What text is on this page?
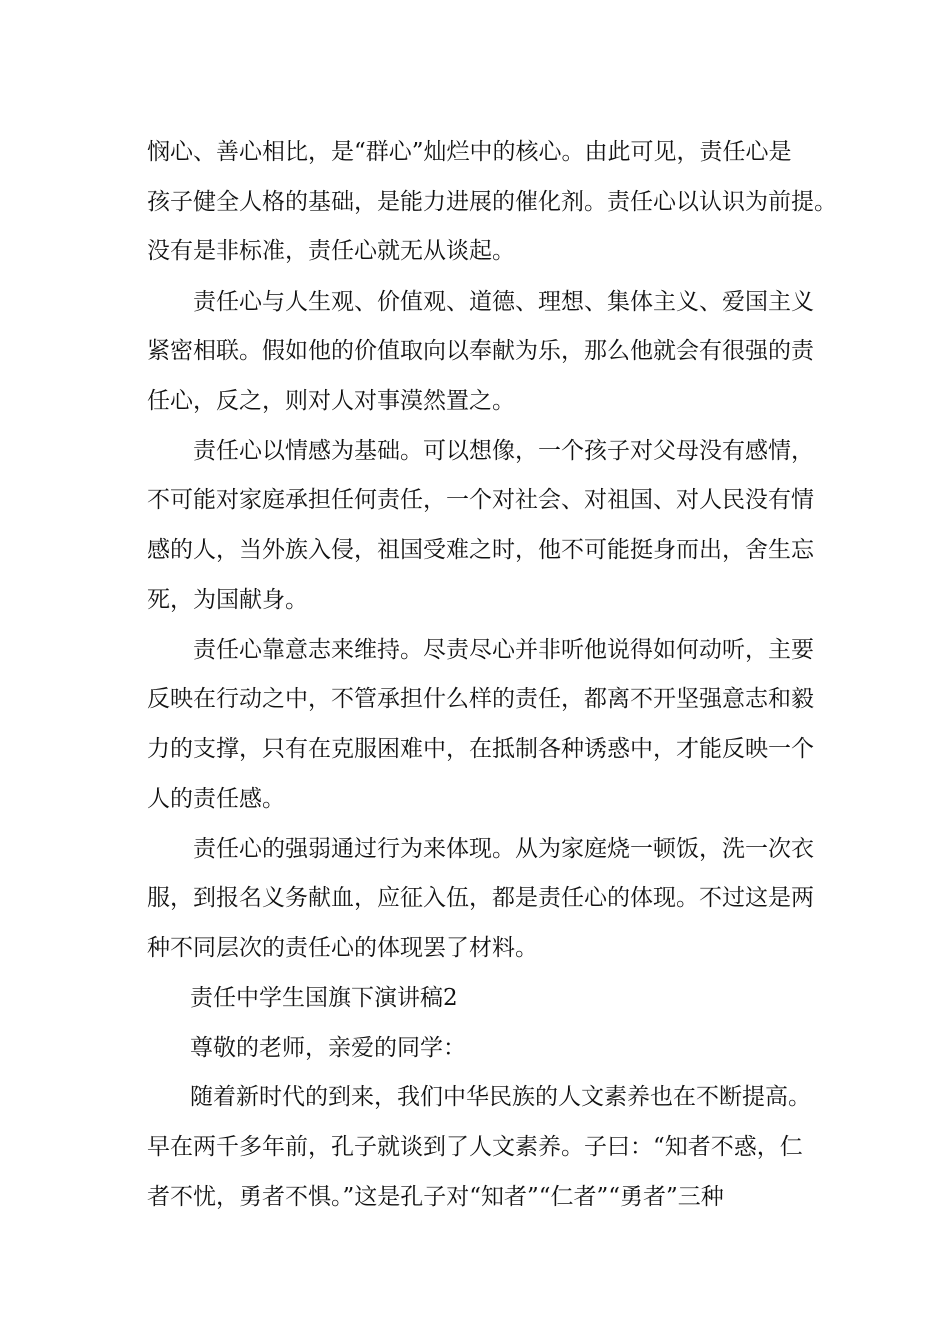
悯心、善心相比，是“群心”灿烂中的核心。由此可见，责任心是

孩子健全人格的基础，是能力进展的催化剂。责任心以认识为前提。

没有是非标准，责任心就无从谈起。

责任心与人生观、价值观、道德、理想、集体主义、爱国主义

紧密相联。假如他的价值取向以奉献为乐，那么他就会有很强的责

任心，反之，则对人对事漠然置之。

责任心以情感为基础。可以想像，一个孩子对父母没有感情，

不可能对家庭承担任何责任，一个对社会、对祖国、对人民没有情

感的人，当外族入侵，祖国受难之时，他不可能挺身而出，舍生忘

死，为国献身。

责任心靠意志来维持。尽责尽心并非听他说得如何动听，主要

反映在行动之中，不管承担什么样的责任，都离不开坚强意志和毅

力的支撑，只有在克服困难中，在抵制各种诱惑中，才能反映一个

人的责任感。

责任心的强弱通过行为来体现。从为家庭烧一顿饭，洗一次衣

服，到报名义务献血，应征入伍，都是责任心的体现。不过这是两

种不同层次的责任心的体现罢了材料。

责任中学生国旗下演讲稿2

尊敬的老师，亲爱的同学：

随着新时代的到来，我们中华民族的人文素养也在不断提高。

早在两千多年前，孔子就谈到了人文素养。子曰：“知者不惑，仁

者不忧，勇者不惧。”这是孔子对“知者”“仁者”“勇者”三种
